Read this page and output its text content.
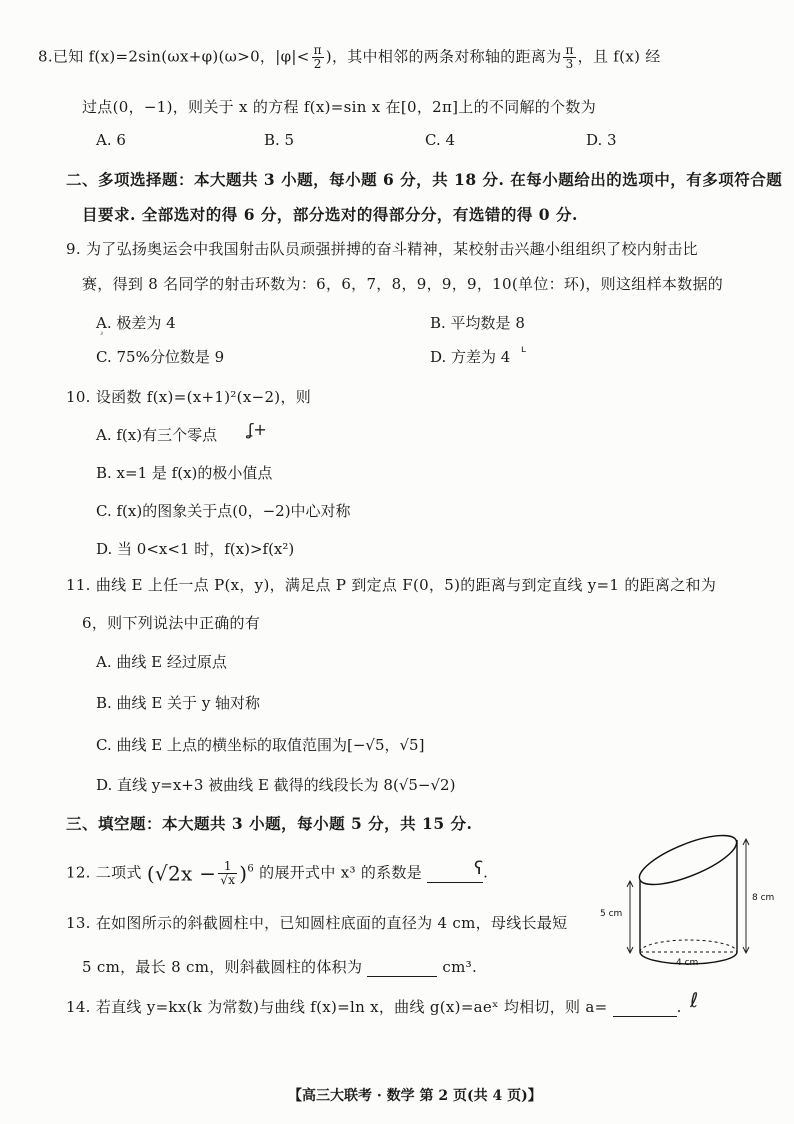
8.已知 f(x)=2sin(ωx+φ)(ω>0，$|\varphi|< \frac{\pi}{2}$ )，其中相邻的两条对称轴的距离为 $\frac{\pi}{3}$ ，且 f(x) 经
过点(0，−1)，则关于 x 的方程 f(x)=sin x 在[0，2π]上的不同解的个数为
A. 6	B. 5	C. 4	D. 3
二、多项选择题：本大题共 3 小题，每小题 6 分，共 18 分. 在每小题给出的选项中，有多项符合题
目要求. 全部选对的得 6 分，部分选对的得部分分，有选错的得 0 分.
9. 为了弘扬奥运会中我国射击队员顽强拼搏的奋斗精神，某校射击兴趣小组组织了校内射击比
赛，得到 8 名同学的射击环数为：6，6，7，8，9，9，9，10(单位：环)，则这组样本数据的
A. 极差为 4	B. 平均数是 8
C. 75%分位数是 9	D. 方差为 4
ʴ
ʟ
10. 设函数 f(x)=(x+1)²(x−2)，则
A. f(x)有三个零点 ʆ+
B. x=1 是 f(x)的极小值点
C. f(x)的图象关于点(0，−2)中心对称
D. 当 0<x<1 时，f(x)>f(x²)
11. 曲线 E 上任一点 P(x，y)，满足点 P 到定点 F(0，5)的距离与到定直线 y=1 的距离之和为
6，则下列说法中正确的有
A. 曲线 E 经过原点
B. 曲线 E 关于 y 轴对称
C. 曲线 E 上点的横坐标的取值范围为[−√5，√5]
D. 直线 y=x+3 被曲线 E 截得的线段长为 8(√5−√2)
三、填空题：本大题共 3 小题，每小题 5 分，共 15 分.
12. 二项式 $(√2x - \frac{1}{√x} )^6$ 的展开式中 x³ 的系数是	.
ʕ
13. 在如图所示的斜截圆柱中，已知圆柱底面的直径为 4 cm，母线长最短
5 cm，最长 8 cm，则斜截圆柱的体积为	cm³.
14. 若直线 y=kx(k 为常数)与曲线 f(x)=ln x，曲线 g(x)=aeˣ 均相切，则 a=	. ℓ
5 cm
8 cm
4 cm
【高三大联考 · 数学 第 2 页(共 4 页)】
